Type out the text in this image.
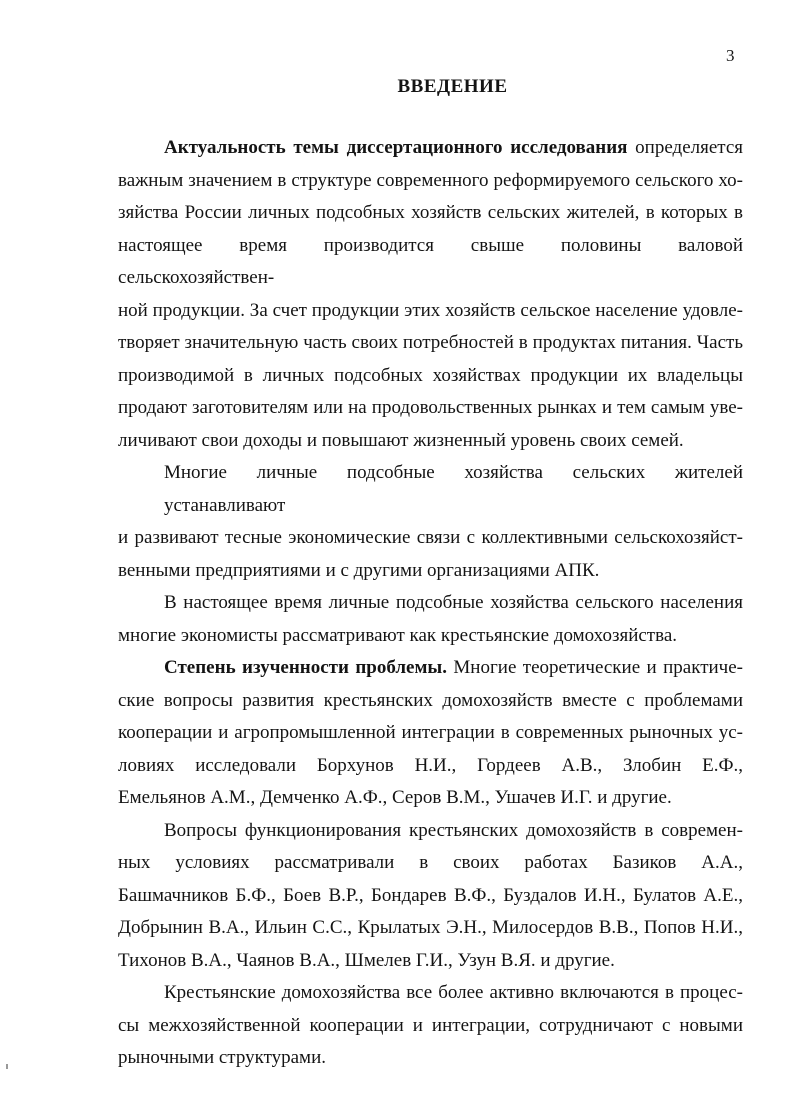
3
ВВЕДЕНИЕ

Актуальность темы диссертационного исследования определяется
важным значением в структуре современного реформируемого сельского хо-
зяйства России личных подсобных хозяйств сельских жителей, в которых в
настоящее время производится свыше половины валовой сельскохозяйствен-
ной продукции. За счет продукции этих хозяйств сельское население удовле-
творяет значительную часть своих потребностей в продуктах питания. Часть
производимой в личных подсобных хозяйствах продукции их владельцы
продают заготовителям или на продовольственных рынках и тем самым уве-
личивают свои доходы и повышают жизненный уровень своих семей.

Многие личные подсобные хозяйства сельских жителей устанавливают
и развивают тесные экономические связи с коллективными сельскохозяйст-
венными предприятиями и с другими организациями АПК.

В настоящее время личные подсобные хозяйства сельского населения
многие экономисты рассматривают как крестьянские домохозяйства.

Степень изученности проблемы. Многие теоретические и практиче-
ские вопросы развития крестьянских домохозяйств вместе с проблемами
кооперации и агропромышленной интеграции в современных рыночных ус-
ловиях исследовали Борхунов Н.И., Гордеев А.В., Злобин Е.Ф.,
Емельянов А.М., Демченко А.Ф., Серов В.М., Ушачев И.Г. и другие.

Вопросы функционирования крестьянских домохозяйств в современ-
ных условиях рассматривали в своих работах Базиков А.А.,
Башмачников Б.Ф., Боев В.Р., Бондарев В.Ф., Буздалов И.Н., Булатов А.Е.,
Добрынин В.А., Ильин С.С., Крылатых Э.Н., Милосердов В.В., Попов Н.И.,
Тихонов В.А., Чаянов В.А., Шмелев Г.И., Узун В.Я. и другие.

Крестьянские домохозяйства все более активно включаются в процес-
сы межхозяйственной кооперации и интеграции, сотрудничают с новыми
рыночными структурами.
